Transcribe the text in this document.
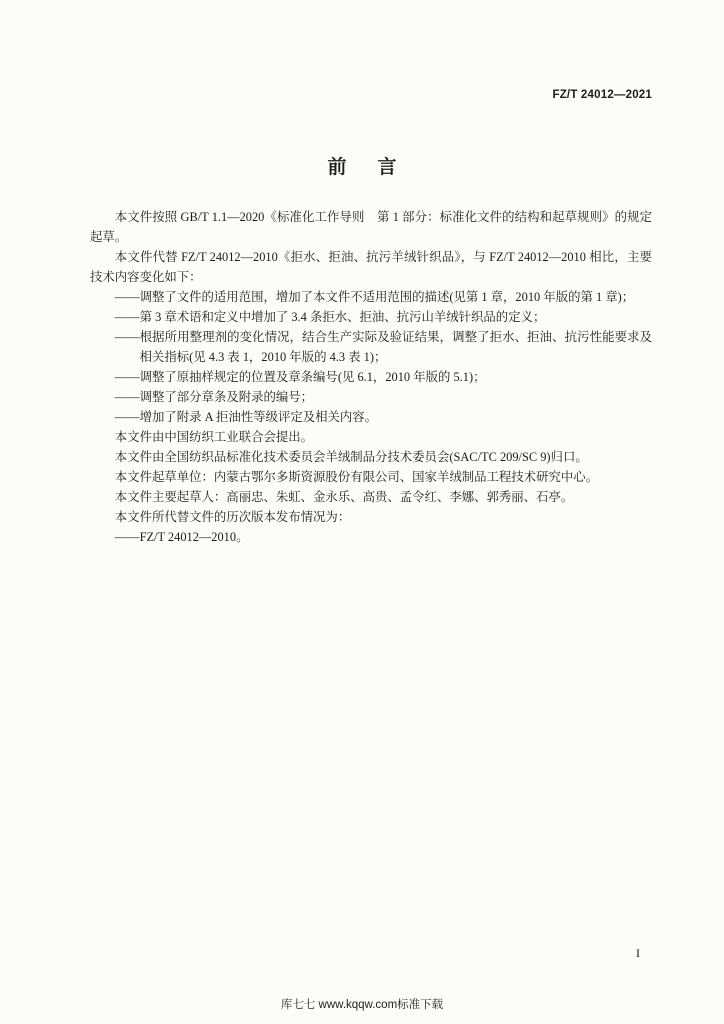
FZ/T 24012—2021
前　言

本文件按照 GB/T 1.1—2020《标准化工作导则　第 1 部分：标准化文件的结构和起草规则》的规定起草。

本文件代替 FZ/T 24012—2010《拒水、拒油、抗污羊绒针织品》，与 FZ/T 24012—2010 相比，主要技术内容变化如下：

——调整了文件的适用范围，增加了本文件不适用范围的描述(见第 1 章，2010 年版的第 1 章)；

——第 3 章术语和定义中增加了 3.4 条拒水、拒油、抗污山羊绒针织品的定义；

——根据所用整理剂的变化情况，结合生产实际及验证结果，调整了拒水、拒油、抗污性能要求及相关指标(见 4.3 表 1，2010 年版的 4.3 表 1)；

——调整了原抽样规定的位置及章条编号(见 6.1，2010 年版的 5.1)；

——调整了部分章条及附录的编号；

——增加了附录 A 拒油性等级评定及相关内容。

本文件由中国纺织工业联合会提出。

本文件由全国纺织品标准化技术委员会羊绒制品分技术委员会(SAC/TC 209/SC 9)归口。

本文件起草单位：内蒙古鄂尔多斯资源股份有限公司、国家羊绒制品工程技术研究中心。

本文件主要起草人：高丽忠、朱虹、金永乐、高贵、孟令红、李娜、郭秀丽、石亭。

本文件所代替文件的历次版本发布情况为：

——FZ/T 24012—2010。

I
库七七 www.kqqw.com标准下载
